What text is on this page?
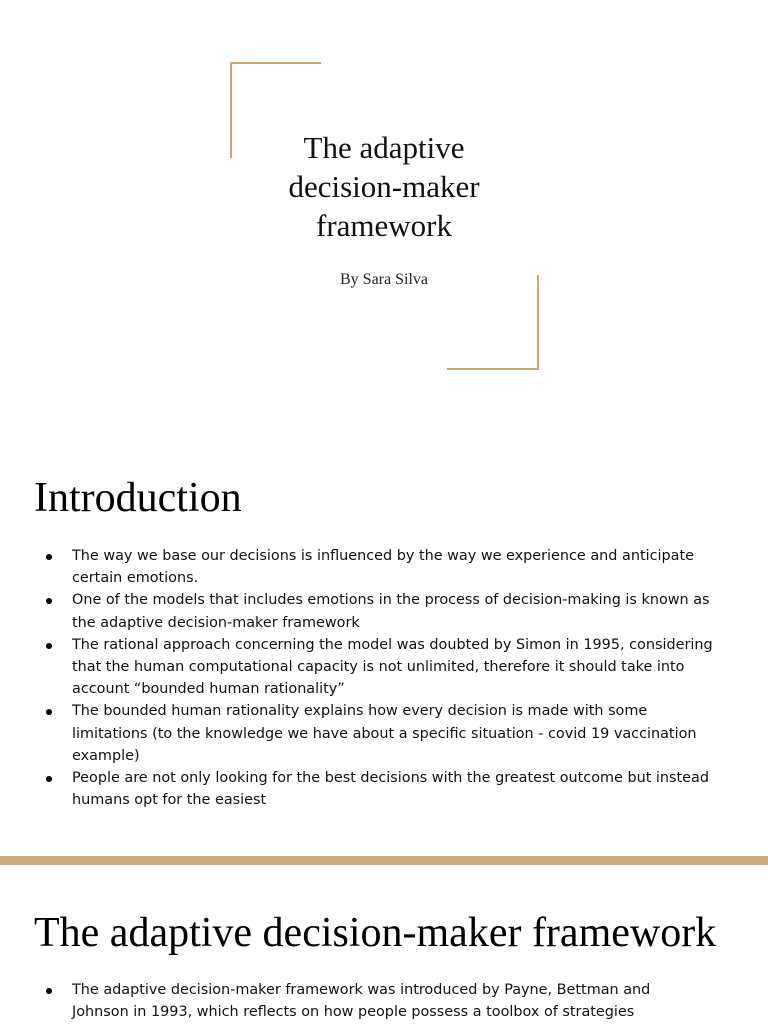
The adaptive
decision-maker
framework
By Sara Silva
Introduction
The way we base our decisions is influenced by the way we experience and anticipate
certain emotions.
One of the models that includes emotions in the process of decision-making is known as
the adaptive decision-maker framework
The rational approach concerning the model was doubted by Simon in 1995, considering
that the human computational capacity is not unlimited, therefore it should take into
account “bounded human rationality”
The bounded human rationality explains how every decision is made with some
limitations (to the knowledge we have about a specific situation - covid 19 vaccination
example)
People are not only looking for the best decisions with the greatest outcome but instead
humans opt for the easiest
The adaptive decision-maker framework
The adaptive decision-maker framework was introduced by Payne, Bettman and
Johnson in 1993, which reflects on how people possess a toolbox of strategies
